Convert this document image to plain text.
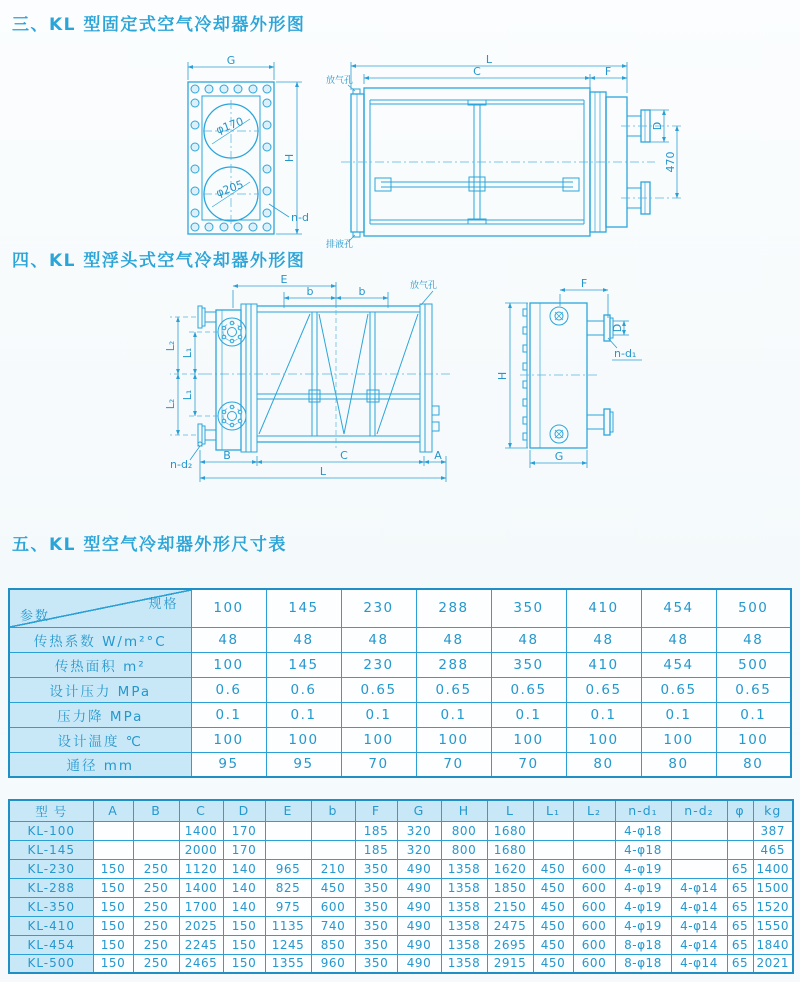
三、KL 型固定式空气冷却器外形图
φ170
φ205
G
H
n-d
L
C	F
D
470
放气孔
排液孔
四、KL 型浮头式空气冷却器外形图
E
b	b	放气孔
L₂
L₂
L₁
L₁
n-d₂
B	C	A
L
F
D
n-d₁
H
G
五、KL 型空气冷却器外形尺寸表
规格
参数	100	145	230	288	350	410	454	500
传热系数 W/m²°C	48	48	48	48	48	48	48	48
传热面积 m²	100	145	230	288	350	410	454	500
设计压力 MPa	0.6	0.6	0.65	0.65	0.65	0.65	0.65	0.65
压力降 MPa	0.1	0.1	0.1	0.1	0.1	0.1	0.1	0.1
设计温度 ℃	100	100	100	100	100	100	100	100
通径 mm	95	95	70	70	70	80	80	80
型 号	A	B	C	D	E	b	F	G	H	L	L₁	L₂	n-d₁	n-d₂	φ	kg
KL-100			1400	170			185	320	800	1680			4-φ18			387
KL-145			2000	170			185	320	800	1680			4-φ18			465
KL-230	150	250	1120	140	965	210	350	490	1358	1620	450	600	4-φ19		65	1400
KL-288	150	250	1400	140	825	450	350	490	1358	1850	450	600	4-φ19	4-φ14	65	1500
KL-350	150	250	1700	140	975	600	350	490	1358	2150	450	600	4-φ19	4-φ14	65	1520
KL-410	150	250	2025	150	1135	740	350	490	1358	2475	450	600	4-φ19	4-φ14	65	1550
KL-454	150	250	2245	150	1245	850	350	490	1358	2695	450	600	8-φ18	4-φ14	65	1840
KL-500	150	250	2465	150	1355	960	350	490	1358	2915	450	600	8-φ18	4-φ14	65	2021
